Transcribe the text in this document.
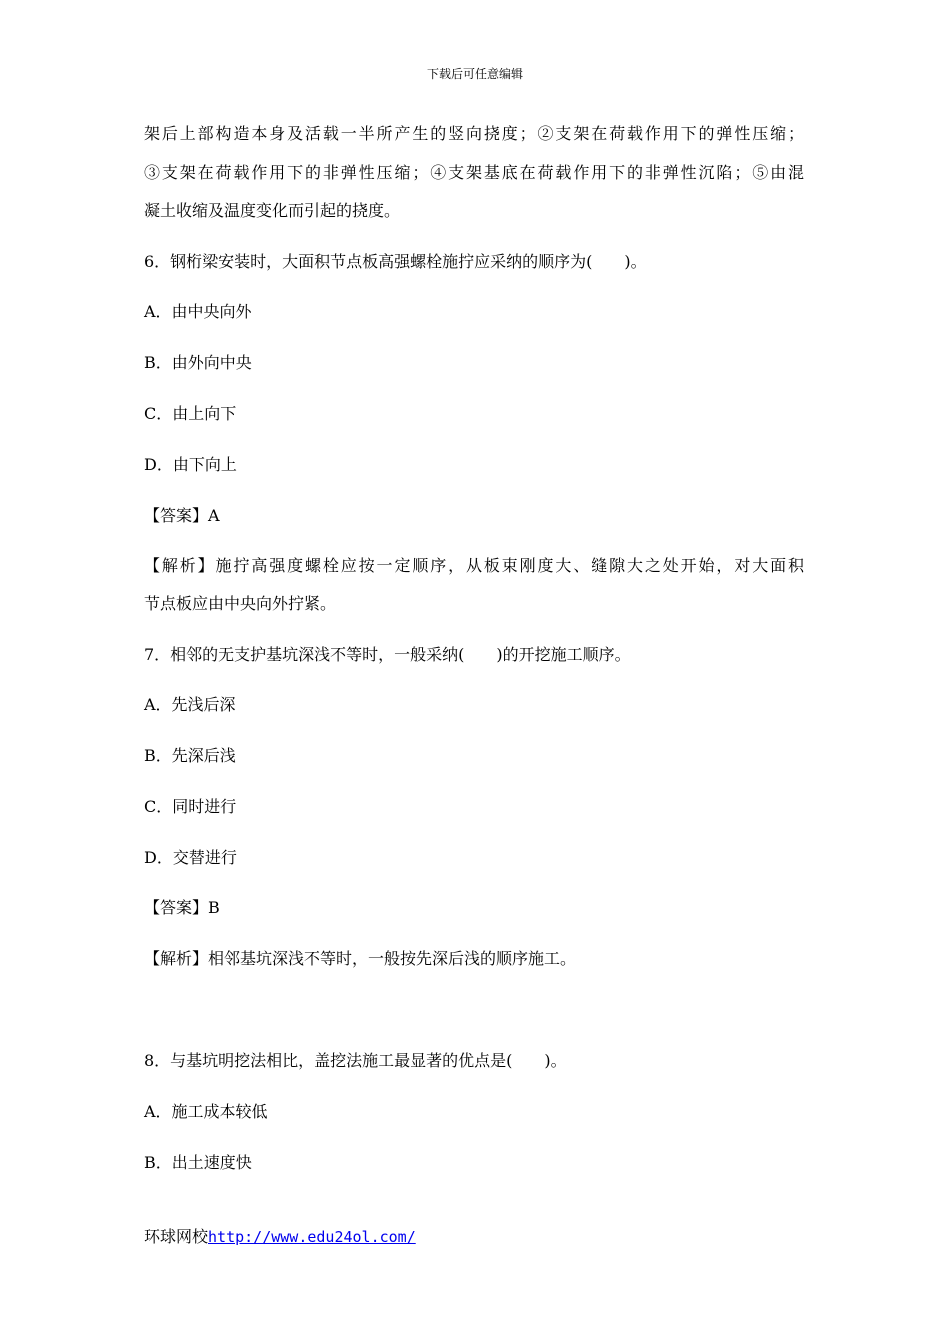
下载后可任意编辑
架后上部构造本身及活载一半所产生的竖向挠度；②支架在荷载作用下的弹性压缩；
③支架在荷载作用下的非弹性压缩；④支架基底在荷载作用下的非弹性沉陷；⑤由混
凝土收缩及温度变化而引起的挠度。
6．钢桁梁安装时，大面积节点板高强螺栓施拧应采纳的顺序为(　　)。
A．由中央向外
B．由外向中央
C．由上向下
D．由下向上
【答案】A
【解析】施拧高强度螺栓应按一定顺序，从板束刚度大、缝隙大之处开始，对大面积
节点板应由中央向外拧紧。
7．相邻的无支护基坑深浅不等时，一般采纳(　　)的开挖施工顺序。
A．先浅后深
B．先深后浅
C．同时进行
D．交替进行
【答案】B
【解析】相邻基坑深浅不等时，一般按先深后浅的顺序施工。
8．与基坑明挖法相比，盖挖法施工最显著的优点是(　　)。
A．施工成本较低
B．出土速度快
环球网校http://www.edu24ol.com/
